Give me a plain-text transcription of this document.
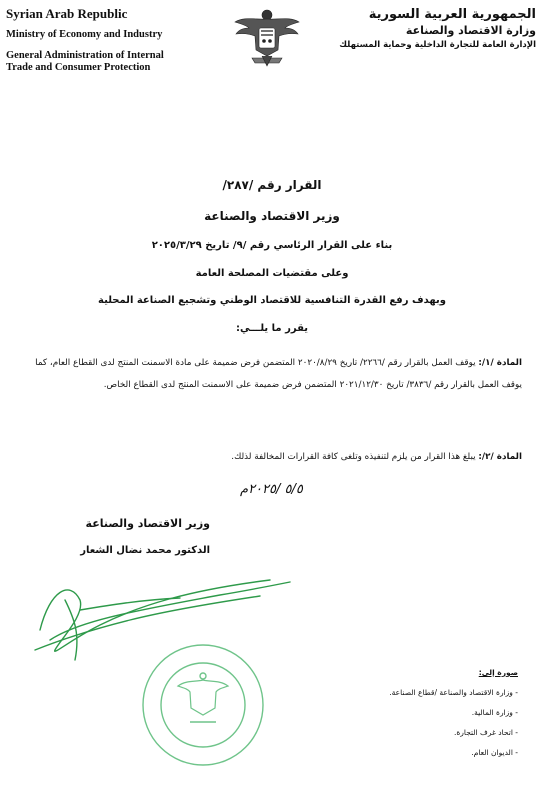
Syrian Arab Republic
Ministry of Economy and Industry
General Administration of Internal Trade and Consumer Protection
الجمهورية العربية السورية
وزارة الاقتصاد والصناعة
الإدارة العامة للتجارة الداخلية وحماية المستهلك
القرار رقم /٢٨٧/
وزير الاقتصاد والصناعة
بناء على القرار الرئاسي رقم /٩/ تاريخ ٢٠٢٥/٣/٢٩
وعلى مقتضيات المصلحة العامة
وبهدف رفع القدرة التنافسية للاقتصاد الوطني وتشجيع الصناعة المحلية
يقرر ما يلـــي:
المادة /١/: يوقف العمل بالقرار رقم /٢٢٦٦/ تاريخ ٢٠٢٠/٨/٢٩ المتضمن فرض ضميمة على مادة الاسمنت المنتج لدى القطاع العام، كما يوقف العمل بالقرار رقم /٣٨٣٦/ تاريخ ٢٠٢١/١٢/٣٠ المتضمن فرض ضميمة على الاسمنت المنتج لدى القطاع الخاص.
المادة /٢/: يبلغ هذا القرار من يلزم لتنفيذه وتلغى كافة القرارات المخالفة لذلك.
٥/٥ /٢٠٢٥م
وزير الاقتصاد والصناعة
الدكتور محمد نضال الشعار
صورة إلى:
- وزارة الاقتصاد والصناعة /قطاع الصناعة.
- وزارة المالية.
- اتحاد غرف التجارة.
- الديوان العام.
